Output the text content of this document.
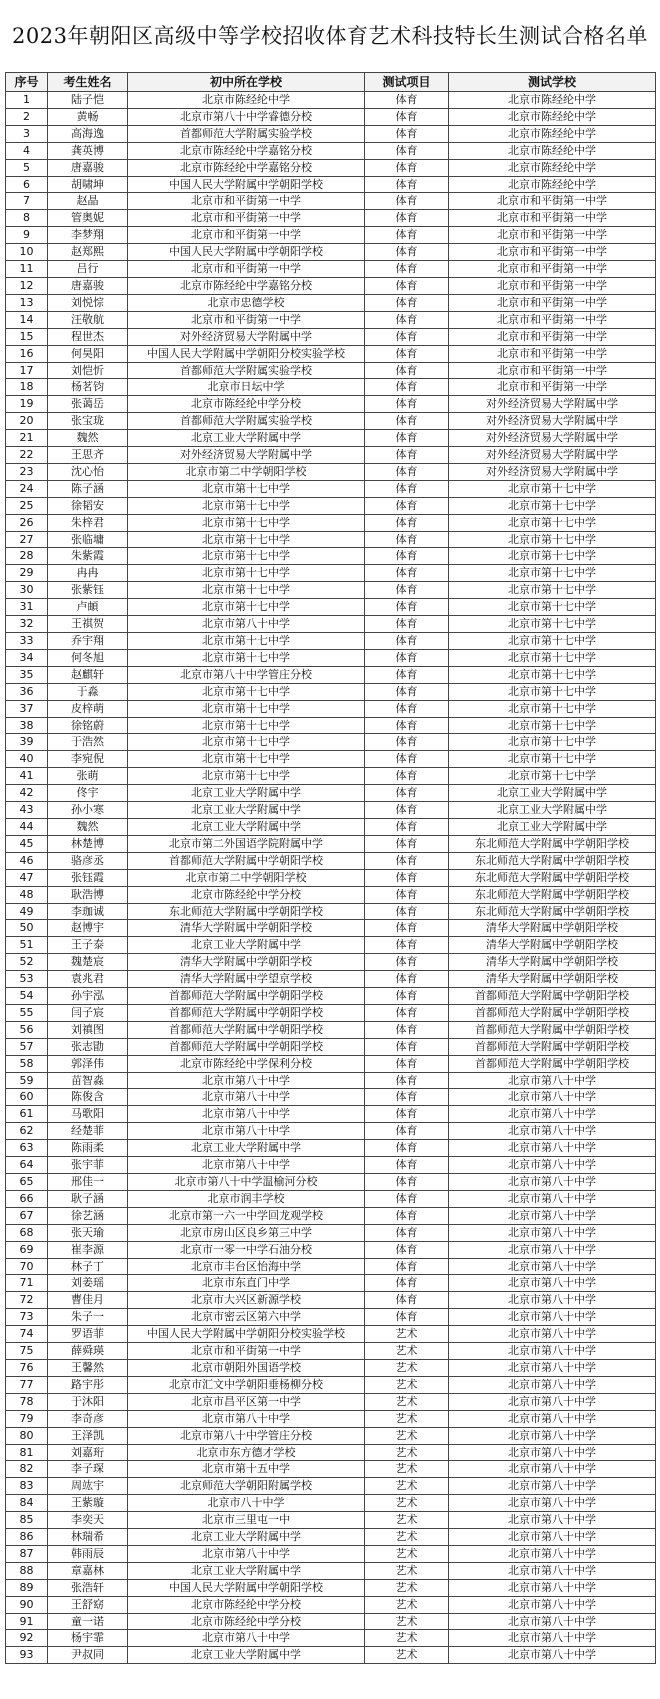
2023年朝阳区高级中等学校招收体育艺术科技特长生测试合格名单
序号	考生姓名	初中所在学校	测试项目	测试学校
1	陆子恺	北京市陈经纶中学	体育	北京市陈经纶中学
2	黄畅	北京市第八十中学睿德分校	体育	北京市陈经纶中学
3	高海逸	首都师范大学附属实验学校	体育	北京市陈经纶中学
4	龚英博	北京市陈经纶中学嘉铭分校	体育	北京市陈经纶中学
5	唐嘉骏	北京市陈经纶中学嘉铭分校	体育	北京市陈经纶中学
6	胡啸坤	中国人民大学附属中学朝阳学校	体育	北京市陈经纶中学
7	赵晶	北京市和平街第一中学	体育	北京市和平街第一中学
8	管奥妮	北京市和平街第一中学	体育	北京市和平街第一中学
9	李梦翔	北京市和平街第一中学	体育	北京市和平街第一中学
10	赵郑熙	中国人民大学附属中学朝阳学校	体育	北京市和平街第一中学
11	吕行	北京市和平街第一中学	体育	北京市和平街第一中学
12	唐嘉骏	北京市陈经纶中学嘉铭分校	体育	北京市和平街第一中学
13	刘悦悰	北京市忠德学校	体育	北京市和平街第一中学
14	汪敬航	北京市和平街第一中学	体育	北京市和平街第一中学
15	程世杰	对外经济贸易大学附属中学	体育	北京市和平街第一中学
16	何昊阳	中国人民大学附属中学朝阳分校实验学校	体育	北京市和平街第一中学
17	刘恺忻	首都师范大学附属实验学校	体育	北京市和平街第一中学
18	杨茗钧	北京市日坛中学	体育	北京市和平街第一中学
19	张蔼岳	北京市陈经纶中学分校	体育	对外经济贸易大学附属中学
20	张宝珑	首都师范大学附属实验学校	体育	对外经济贸易大学附属中学
21	魏然	北京工业大学附属中学	体育	对外经济贸易大学附属中学
22	王思齐	对外经济贸易大学附属中学	体育	对外经济贸易大学附属中学
23	沈心怡	北京市第二中学朝阳学校	体育	对外经济贸易大学附属中学
24	陈子涵	北京市第十七中学	体育	北京市第十七中学
25	徐韬安	北京市第十七中学	体育	北京市第十七中学
26	朱梓君	北京市第十七中学	体育	北京市第十七中学
27	张临墉	北京市第十七中学	体育	北京市第十七中学
28	朱紫霞	北京市第十七中学	体育	北京市第十七中学
29	冉冉	北京市第十七中学	体育	北京市第十七中学
30	张紫钰	北京市第十七中学	体育	北京市第十七中学
31	卢頔	北京市第十七中学	体育	北京市第十七中学
32	王祺贺	北京市第八十中学	体育	北京市第十七中学
33	乔宇翔	北京市第十七中学	体育	北京市第十七中学
34	何冬旭	北京市第十七中学	体育	北京市第十七中学
35	赵麒轩	北京市第八十中学管庄分校	体育	北京市第十七中学
36	于淼	北京市第十七中学	体育	北京市第十七中学
37	皮梓萌	北京市第十七中学	体育	北京市第十七中学
38	徐铭蔚	北京市第十七中学	体育	北京市第十七中学
39	于浩然	北京市第十七中学	体育	北京市第十七中学
40	李宛倪	北京市第十七中学	体育	北京市第十七中学
41	张萌	北京市第十七中学	体育	北京市第十七中学
42	佟宇	北京工业大学附属中学	体育	北京工业大学附属中学
43	孙小寒	北京工业大学附属中学	体育	北京工业大学附属中学
44	魏然	北京工业大学附属中学	体育	北京工业大学附属中学
45	林楚博	北京市第二外国语学院附属中学	体育	东北师范大学附属中学朝阳学校
46	骆彦丞	首都师范大学附属中学朝阳学校	体育	东北师范大学附属中学朝阳学校
47	张钰霞	北京市第二中学朝阳学校	体育	东北师范大学附属中学朝阳学校
48	耿浩博	北京市陈经纶中学分校	体育	东北师范大学附属中学朝阳学校
49	李珈诚	东北师范大学附属中学朝阳学校	体育	东北师范大学附属中学朝阳学校
50	赵博宇	清华大学附属中学朝阳学校	体育	清华大学附属中学朝阳学校
51	王子泰	北京工业大学附属中学	体育	清华大学附属中学朝阳学校
52	魏楚宸	清华大学附属中学朝阳学校	体育	清华大学附属中学朝阳学校
53	袁兆君	清华大学附属中学望京学校	体育	清华大学附属中学朝阳学校
54	孙宇泓	首都师范大学附属中学朝阳学校	体育	首都师范大学附属中学朝阳学校
55	闫子宸	首都师范大学附属中学朝阳学校	体育	首都师范大学附属中学朝阳学校
56	刘禛图	首都师范大学附属中学朝阳学校	体育	首都师范大学附属中学朝阳学校
57	张志勖	首都师范大学附属中学朝阳学校	体育	首都师范大学附属中学朝阳学校
58	郭泽伟	北京市陈经纶中学保利分校	体育	首都师范大学附属中学朝阳学校
59	苗智淼	北京市第八十中学	体育	北京市第八十中学
60	陈俊含	北京市第八十中学	体育	北京市第八十中学
61	马歌阳	北京市第八十中学	体育	北京市第八十中学
62	经楚菲	北京市第八十中学	体育	北京市第八十中学
63	陈雨柔	北京工业大学附属中学	体育	北京市第八十中学
64	张宇菲	北京市第八十中学	体育	北京市第八十中学
65	邢佳一	北京市第八十中学温榆河分校	体育	北京市第八十中学
66	耿子涵	北京市润丰学校	体育	北京市第八十中学
67	徐艺涵	北京市第一六一中学回龙观学校	体育	北京市第八十中学
68	张天瑜	北京市房山区良乡第三中学	体育	北京市第八十中学
69	崔李源	北京市一零一中学石油分校	体育	北京市第八十中学
70	林子丁	北京市丰台区怡海中学	体育	北京市第八十中学
71	刘姜瑶	北京市东直门中学	体育	北京市第八十中学
72	曹佳月	北京市大兴区新源学校	体育	北京市第八十中学
73	朱子一	北京市密云区第六中学	体育	北京市第八十中学
74	罗语菲	中国人民大学附属中学朝阳分校实验学校	艺术	北京市第八十中学
75	薛舜瑛	北京市和平街第一中学	艺术	北京市第八十中学
76	王馨然	北京市朝阳外国语学校	艺术	北京市第八十中学
77	路宇彤	北京市汇文中学朝阳垂杨柳分校	艺术	北京市第八十中学
78	于沐阳	北京市昌平区第一中学	艺术	北京市第八十中学
79	李奇彦	北京市第八十中学	艺术	北京市第八十中学
80	王泽凯	北京市第八十中学管庄分校	艺术	北京市第八十中学
81	刘嘉珩	北京市东方德才学校	艺术	北京市第八十中学
82	李子琛	北京市第十五中学	艺术	北京市第八十中学
83	周竑宇	北京师范大学朝阳附属学校	艺术	北京市第八十中学
84	王紫璇	北京市八十中学	艺术	北京市第八十中学
85	李奕天	北京市三里屯一中	艺术	北京市第八十中学
86	林瑞希	北京工业大学附属中学	艺术	北京市第八十中学
87	韩雨辰	北京市第八十中学	艺术	北京市第八十中学
88	章嘉林	北京工业大学附属中学	艺术	北京市第八十中学
89	张浩轩	中国人民大学附属中学朝阳学校	艺术	北京市第八十中学
90	王舒窈	北京市陈经纶中学分校	艺术	北京市第八十中学
91	童一诺	北京市陈经纶中学分校	艺术	北京市第八十中学
92	杨宇霏	北京市第八十中学	艺术	北京市第八十中学
93	尹叔同	北京工业大学附属中学	艺术	北京市第八十中学
